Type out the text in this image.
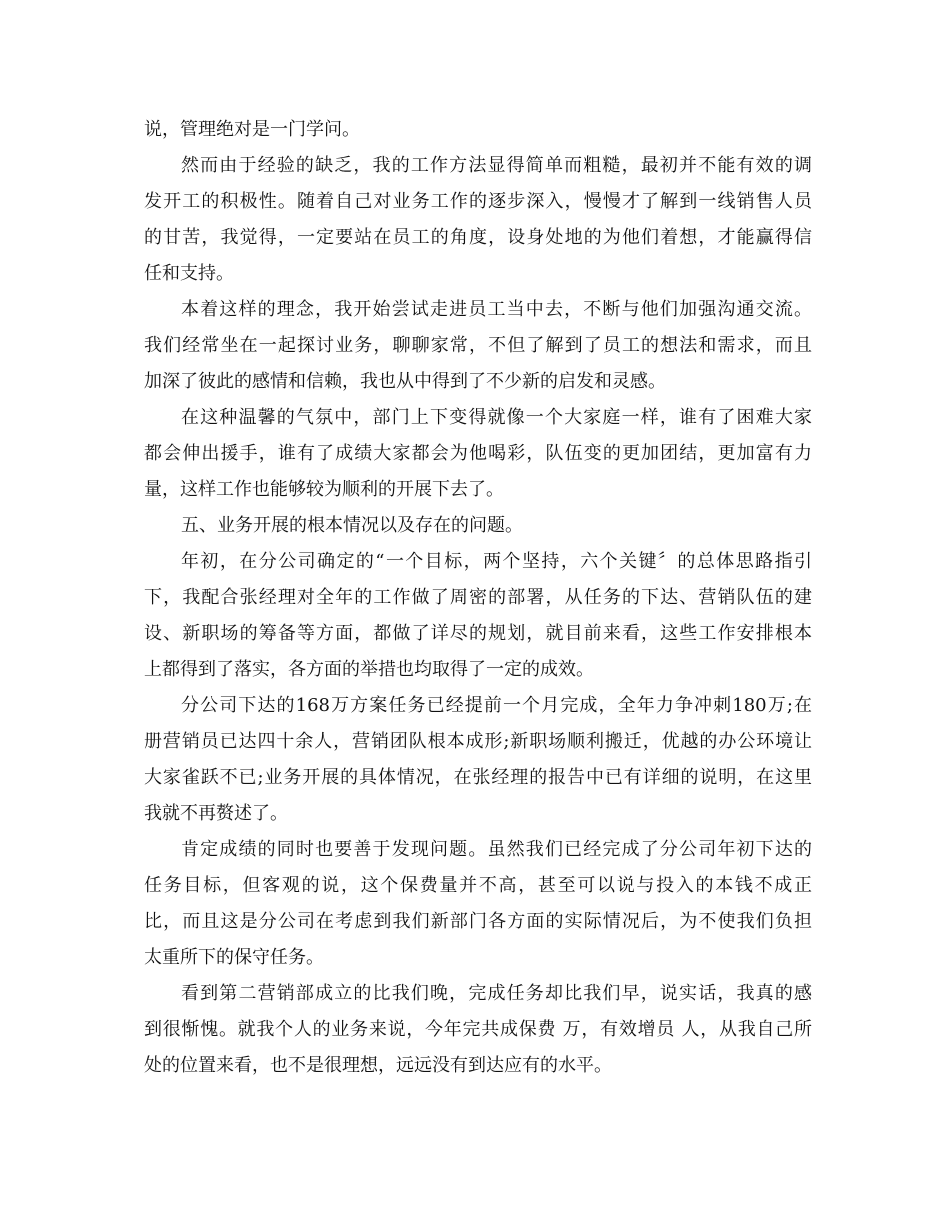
说，管理绝对是一门学问。
然而由于经验的缺乏，我的工作方法显得简单而粗糙，最初并不能有效的调
发开工的积极性。随着自己对业务工作的逐步深入，慢慢才了解到一线销售人员
的甘苦，我觉得，一定要站在员工的角度，设身处地的为他们着想，才能赢得信
任和支持。
本着这样的理念，我开始尝试走进员工当中去，不断与他们加强沟通交流。
我们经常坐在一起探讨业务，聊聊家常，不但了解到了员工的想法和需求，而且
加深了彼此的感情和信赖，我也从中得到了不少新的启发和灵感。
在这种温馨的气氛中，部门上下变得就像一个大家庭一样，谁有了困难大家
都会伸出援手，谁有了成绩大家都会为他喝彩，队伍变的更加团结，更加富有力
量，这样工作也能够较为顺利的开展下去了。
五、业务开展的根本情况以及存在的问题。
年初，在分公司确定的“一个目标，两个坚持，六个关键〞的总体思路指引
下，我配合张经理对全年的工作做了周密的部署，从任务的下达、营销队伍的建
设、新职场的筹备等方面，都做了详尽的规划，就目前来看，这些工作安排根本
上都得到了落实，各方面的举措也均取得了一定的成效。
分公司下达的168万方案任务已经提前一个月完成，全年力争冲刺180万;在
册营销员已达四十余人，营销团队根本成形;新职场顺利搬迁，优越的办公环境让
大家雀跃不已;业务开展的具体情况，在张经理的报告中已有详细的说明，在这里
我就不再赘述了。
肯定成绩的同时也要善于发现问题。虽然我们已经完成了分公司年初下达的
任务目标，但客观的说，这个保费量并不高，甚至可以说与投入的本钱不成正
比，而且这是分公司在考虑到我们新部门各方面的实际情况后，为不使我们负担
太重所下的保守任务。
看到第二营销部成立的比我们晚，完成任务却比我们早，说实话，我真的感
到很惭愧。就我个人的业务来说，今年完共成保费 万，有效增员 人，从我自己所
处的位置来看，也不是很理想，远远没有到达应有的水平。
